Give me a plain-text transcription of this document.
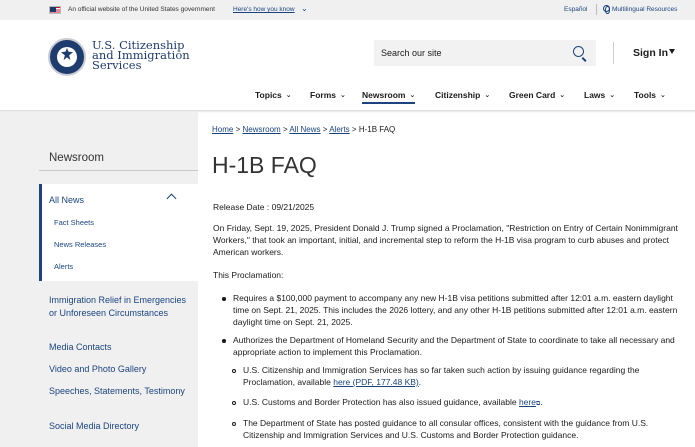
An official website of the United States government	Here's how you know ⌄	Español	Multilingual Resources
U.S. Citizenship
and Immigration
Services
Search our site
Sign In
Topics ⌄ Forms ⌄ Newsroom ⌄ Citizenship ⌄ Green Card ⌄ Laws ⌄ Tools ⌄
Newsroom
All News
Fact Sheets
News Releases
Alerts
Immigration Relief in Emergencies or Unforeseen Circumstances
Media Contacts
Video and Photo Gallery
Speeches, Statements, Testimony
Social Media Directory
Home > Newsroom > All News > Alerts > H-1B FAQ
H-1B FAQ
Release Date : 09/21/2025
On Friday, Sept. 19, 2025, President Donald J. Trump signed a Proclamation, "Restriction on Entry of Certain Nonimmigrant Workers," that took an important, initial, and incremental step to reform the H-1B visa program to curb abuses and protect American workers.
This Proclamation:
Requires a $100,000 payment to accompany any new H-1B visa petitions submitted after 12:01 a.m. eastern daylight time on Sept. 21, 2025. This includes the 2026 lottery, and any other H-1B petitions submitted after 12:01 a.m. eastern daylight time on Sept. 21, 2025.
Authorizes the Department of Homeland Security and the Department of State to coordinate to take all necessary and appropriate action to implement this Proclamation.
U.S. Citizenship and Immigration Services has so far taken such action by issuing guidance regarding the Proclamation, available here (PDF, 177.48 KB).
U.S. Customs and Border Protection has also issued guidance, available here⧉.
The Department of State has posted guidance to all consular offices, consistent with the guidance from U.S. Citizenship and Immigration Services and U.S. Customs and Border Protection guidance.
